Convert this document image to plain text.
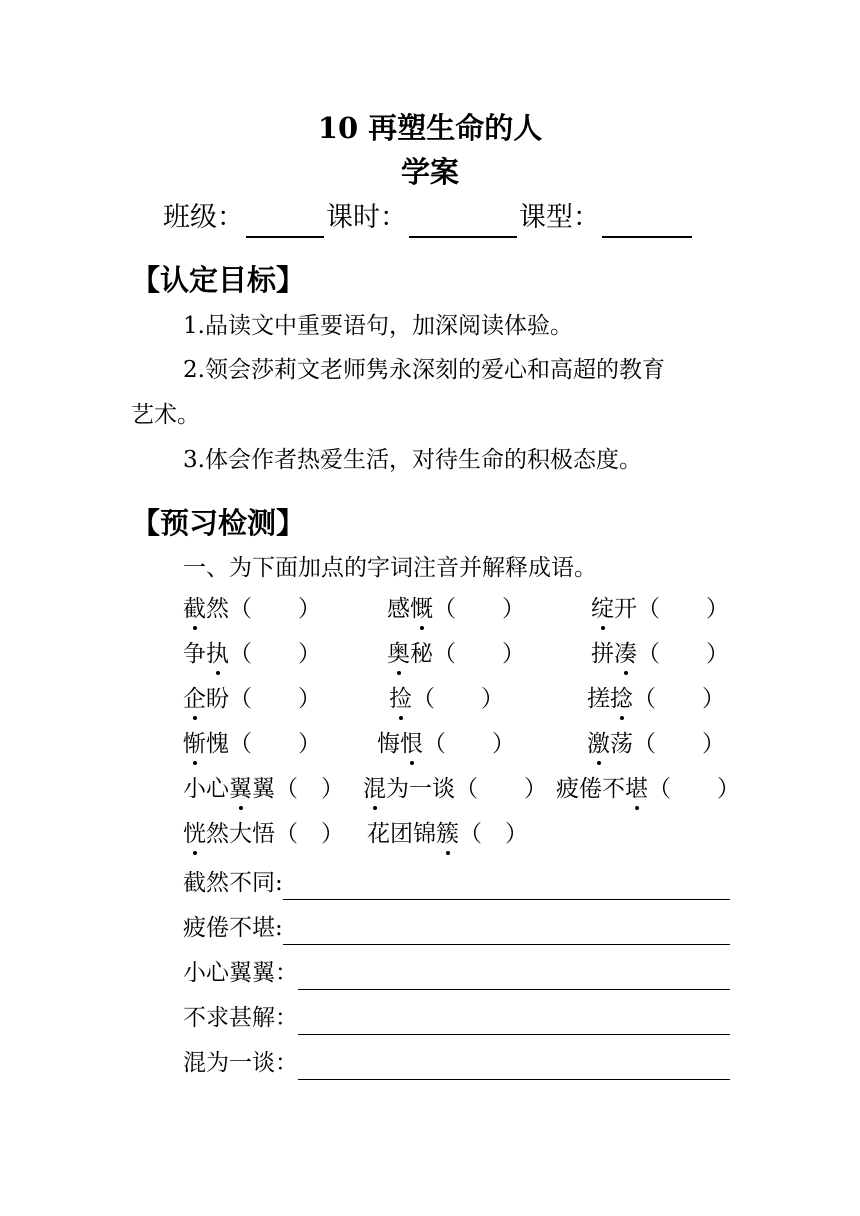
10 再塑生命的人
学案
班级：	课时：	课型：
【认定目标】
1.品读文中重要语句，加深阅读体验。
2.领会莎莉文老师隽永深刻的爱心和高超的教育
艺术。
3.体会作者热爱生活，对待生命的积极态度。
【预习检测】
一、为下面加点的字词注音并解释成语。
截然（　　）	感慨（　　）	绽开（　　）
争执（　　）	奥秘（　　）	拼凑（　　）
企盼（　　）	捡（　　）	搓捻（　　）
惭愧（　　） 悔恨（　　）	激荡（　　）
小心翼翼（　） 混为一谈（　　） 疲倦不堪（　　）
恍然大悟（　） 花团锦簇（　）
截然不同:
疲倦不堪:
小心翼翼：
不求甚解：
混为一谈：
